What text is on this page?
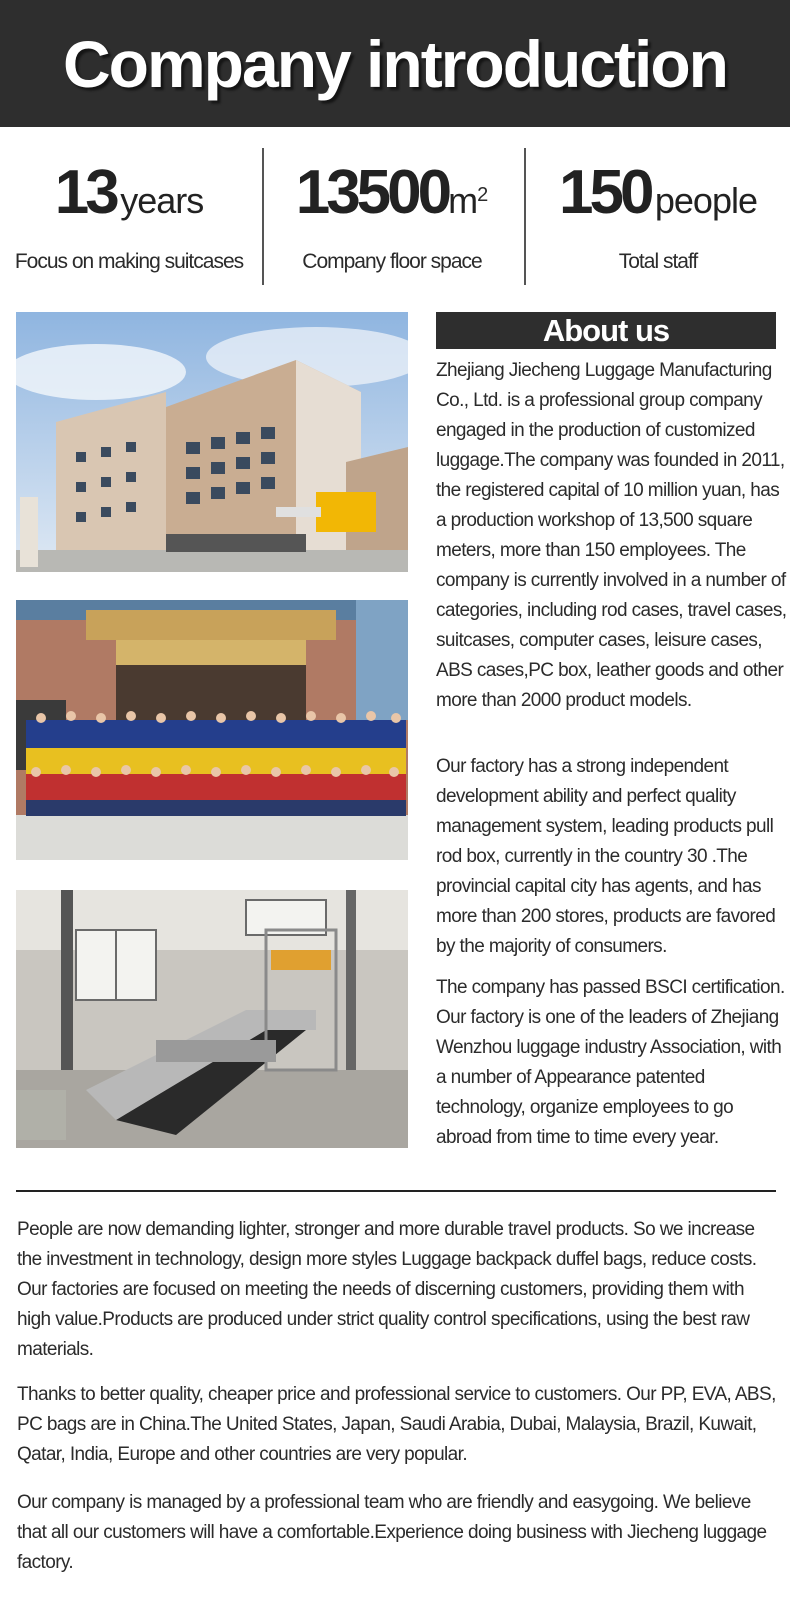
Company introduction
13 years
Focus on making suitcases
13500m2
Company floor space
150 people
Total staff
About us

Zhejiang Jiecheng Luggage Manufacturing Co., Ltd. is a professional group company engaged in the production of customized luggage.The company was founded in 2011, the registered capital of 10 million yuan, has a production workshop of 13,500 square meters, more than 150 employees. The company is currently involved in a number of categories, including rod cases, travel cases, suitcases, computer cases, leisure cases, ABS cases,PC box, leather goods and other more than 2000 product models.

Our factory has a strong independent development ability and perfect quality management system, leading products pull rod box, currently in the country 30 .The provincial capital city has agents, and has more than 200 stores, products are favored by the majority of consumers.

The company has passed BSCI certification. Our factory is one of the leaders of Zhejiang Wenzhou luggage industry Association, with a number of Appearance patented technology, organize employees to go abroad from time to time every year.

People are now demanding lighter, stronger and more durable travel products. So we increase the investment in technology, design more styles Luggage backpack duffel bags, reduce costs. Our factories are focused on meeting the needs of discerning customers, providing them with high value.Products are produced under strict quality control specifications, using the best raw materials.

Thanks to better quality, cheaper price and professional service to customers. Our PP, EVA, ABS, PC bags are in China.The United States, Japan, Saudi Arabia, Dubai, Malaysia, Brazil, Kuwait, Qatar, India, Europe and other countries are very popular.

Our company is managed by a professional team who are friendly and easygoing. We believe that all our customers will have a comfortable.Experience doing business with Jiecheng luggage factory.
